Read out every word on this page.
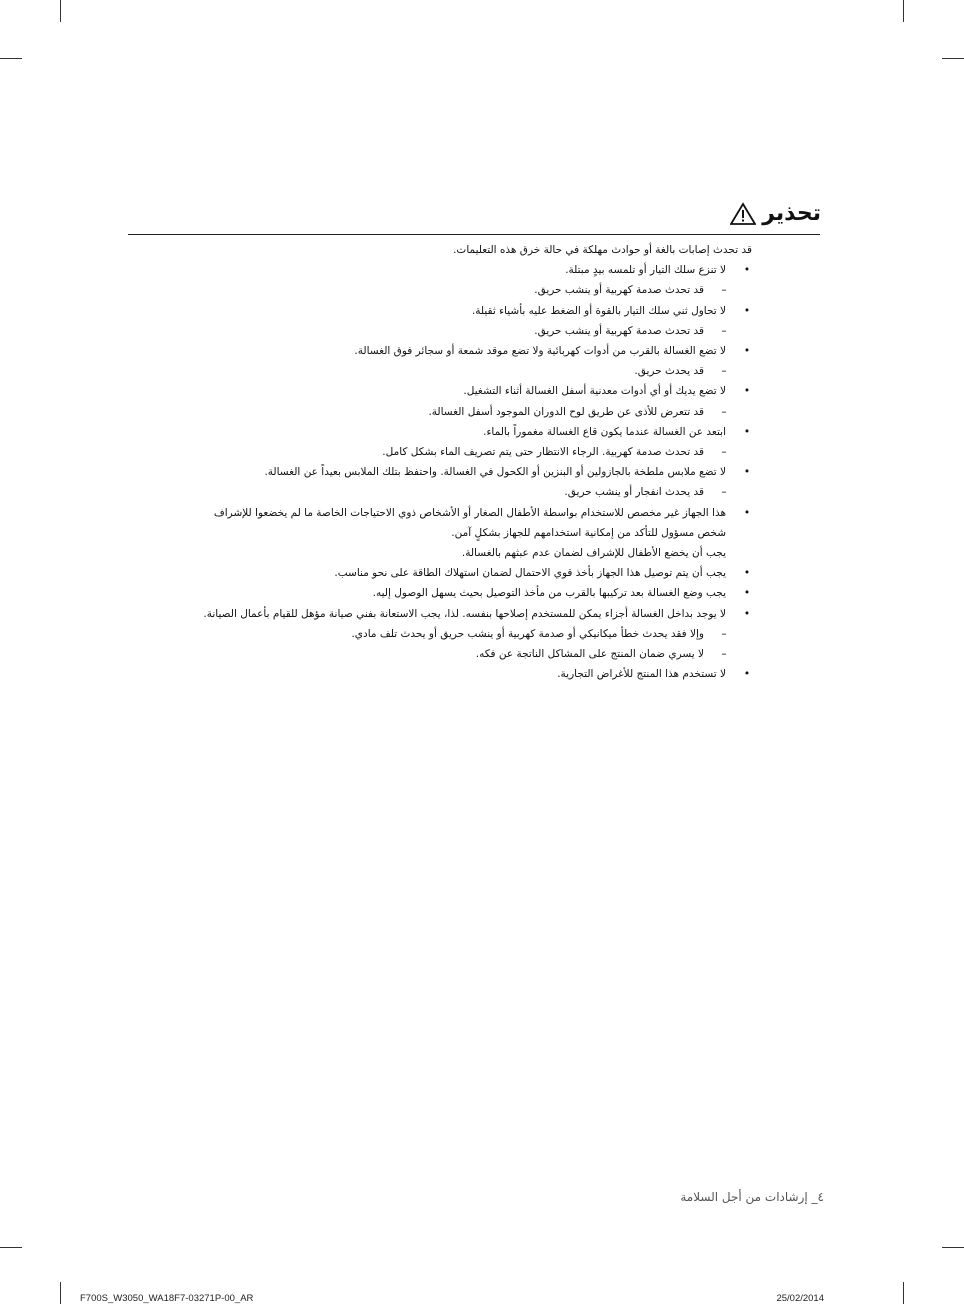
تحذير
قد تحدث إصابات بالغة أو حوادث مهلكة في حالة خرق هذه التعليمات.
•
لا تنزع سلك التيار أو تلمسه بيدٍ مبتلة.
–
قد تحدث صدمة كهربية أو ينشب حريق.
•
لا تحاول ثني سلك التيار بالقوة أو الضغط عليه بأشياء ثقيلة.
–
قد تحدث صدمة كهربية أو ينشب حريق.
•
لا تضع الغسالة بالقرب من أدوات كهربائية ولا تضع موقد شمعة أو سجائر فوق الغسالة.
–
قد يحدث حريق.
•
لا تضع يديك أو أي أدوات معدنية أسفل الغسالة أثناء التشغيل.
–
قد تتعرض للأذى عن طريق لوح الدوران الموجود أسفل الغسالة.
•
ابتعد عن الغسالة عندما يكون قاع الغسالة مغموراً بالماء.
–
قد تحدث صدمة كهربية. الرجاء الانتظار حتى يتم تصريف الماء بشكل كامل.
•
لا تضع ملابس ملطخة بالجازولين أو البنزين أو الكحول في الغسالة. واحتفظ بتلك الملابس بعيداً عن الغسالة.
–
قد يحدث انفجار أو ينشب حريق.
•
هذا الجهاز غير مخصص للاستخدام بواسطة الأطفال الصغار أو الأشخاص ذوي الاحتياجات الخاصة ما لم يخضعوا للإشراف
شخص مسؤول للتأكد من إمكانية استخدامهم للجهاز بشكلٍ آمن.
يجب أن يخضع الأطفال للإشراف لضمان عدم عبثهم بالغسالة.
•
يجب أن يتم توصيل هذا الجهاز بأخذ قوي الاحتمال لضمان استهلاك الطاقة على نحو مناسب.
•
يجب وضع الغسالة بعد تركيبها بالقرب من مأخذ التوصيل بحيث يسهل الوصول إليه.
•
لا يوجد بداخل الغسالة أجزاء يمكن للمستخدم إصلاحها بنفسه. لذا، يجب الاستعانة بفني صيانة مؤهل للقيام بأعمال الصيانة.
–
وإلا فقد يحدث خطأ ميكانيكي أو صدمة كهربية أو ينشب حريق أو يحدث تلف مادي.
–
لا يسري ضمان المنتج على المشاكل الناتجة عن فكه.
•
لا تستخدم هذا المنتج للأغراض التجارية.
٤_ إرشادات من أجل السلامة
F700S_W3050_WA18F7-03271P-00_AR	25/02/2014
